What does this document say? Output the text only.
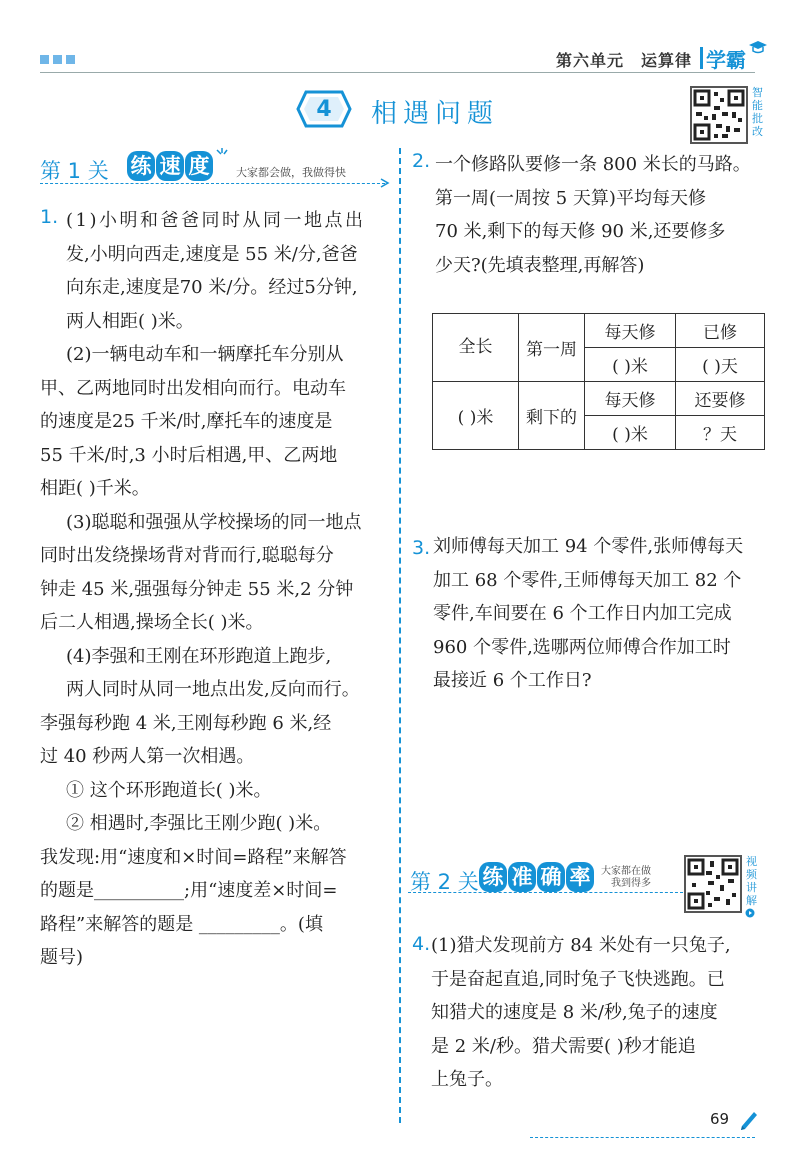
第六单元 运算律 学霸
4	相遇问题
智能批改
第 1 关 练 速 度	大家都会做，我做得快
1. (1)小明和爸爸同时从同一地点出
发,小明向西走,速度是 55 米/分,爸爸
向东走,速度是70 米/分。经过5分钟,
两人相距( )米。
(2)一辆电动车和一辆摩托车分别从
甲、乙两地同时出发相向而行。电动车
的速度是25 千米/时,摩托车的速度是
55 千米/时,3 小时后相遇,甲、乙两地
相距( )千米。
(3)聪聪和强强从学校操场的同一地点
同时出发绕操场背对背而行,聪聪每分
钟走 45 米,强强每分钟走 55 米,2 分钟
后二人相遇,操场全长( )米。
(4)李强和王刚在环形跑道上跑步,
两人同时从同一地点出发,反向而行。
李强每秒跑 4 米,王刚每秒跑 6 米,经
过 40 秒两人第一次相遇。
① 这个环形跑道长( )米。
② 相遇时,李强比王刚少跑( )米。
我发现:用“速度和×时间=路程”来解答
的题是__________;用“速度差×时间=
路程”来解答的题是 _________。(填
题号)
2. 一个修路队要修一条 800 米长的马路。
第一周(一周按 5 天算)平均每天修
70 米,剩下的每天修 90 米,还要修多
少天?(先填表整理,再解答)
全长	第一周	每天修	已修
		( )米	( )天
( )米	剩下的	每天修	还要修
		( )米	？天
3. 刘师傅每天加工 94 个零件,张师傅每天
加工 68 个零件,王师傅每天加工 82 个
零件,车间要在 6 个工作日内加工完成
960 个零件,选哪两位师傅合作加工时
最接近 6 个工作日?
第 2 关 练 准 确 率	大家都在做
我到得多
视频讲解
4. (1)猎犬发现前方 84 米处有一只兔子,
于是奋起直追,同时兔子飞快逃跑。已
知猎犬的速度是 8 米/秒,兔子的速度
是 2 米/秒。猎犬需要( )秒才能追
上兔子。
69
